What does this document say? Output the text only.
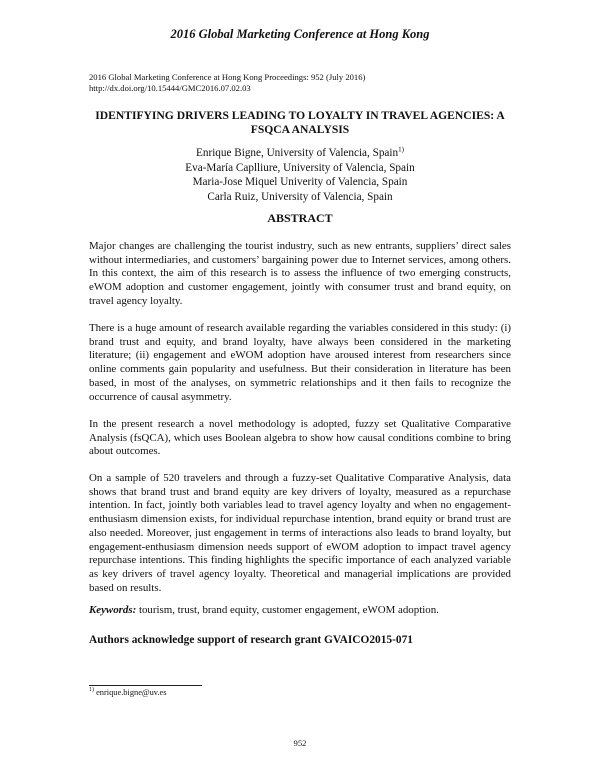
2016 Global Marketing Conference at Hong Kong
2016 Global Marketing Conference at Hong Kong Proceedings: 952 (July 2016)
http://dx.doi.org/10.15444/GMC2016.07.02.03
IDENTIFYING DRIVERS LEADING TO LOYALTY IN TRAVEL AGENCIES: A FSQCA ANALYSIS
Enrique Bigne, University of Valencia, Spain$^{1)}$
Eva-María Caplliure, University of Valencia, Spain
Maria-Jose Miquel Univerity of Valencia, Spain
Carla Ruiz, University of Valencia, Spain
ABSTRACT

Major changes are challenging the tourist industry, such as new entrants, suppliers’ direct sales without intermediaries, and customers’ bargaining power due to Internet services, among others. In this context, the aim of this research is to assess the influence of two emerging constructs, eWOM adoption and customer engagement, jointly with consumer trust and brand equity, on travel agency loyalty.

There is a huge amount of research available regarding the variables considered in this study: (i) brand trust and equity, and brand loyalty, have always been considered in the marketing literature; (ii) engagement and eWOM adoption have aroused interest from researchers since online comments gain popularity and usefulness. But their consideration in literature has been based, in most of the analyses, on symmetric relationships and it then fails to recognize the occurrence of causal asymmetry.

In the present research a novel methodology is adopted, fuzzy set Qualitative Comparative Analysis (fsQCA), which uses Boolean algebra to show how causal conditions combine to bring about outcomes.

On a sample of 520 travelers and through a fuzzy-set Qualitative Comparative Analysis, data shows that brand trust and brand equity are key drivers of loyalty, measured as a repurchase intention. In fact, jointly both variables lead to travel agency loyalty and when no engagement-enthusiasm dimension exists, for individual repurchase intention, brand equity or brand trust are also needed. Moreover, just engagement in terms of interactions also leads to brand loyalty, but engagement-enthusiasm dimension needs support of eWOM adoption to impact travel agency repurchase intentions. This finding highlights the specific importance of each analyzed variable as key drivers of travel agency loyalty. Theoretical and managerial implications are provided based on results.

Keywords: tourism, trust, brand equity, customer engagement, eWOM adoption.

Authors acknowledge support of research grant GVAICO2015-071
$^{1)}$ enrique.bigne@uv.es
952
